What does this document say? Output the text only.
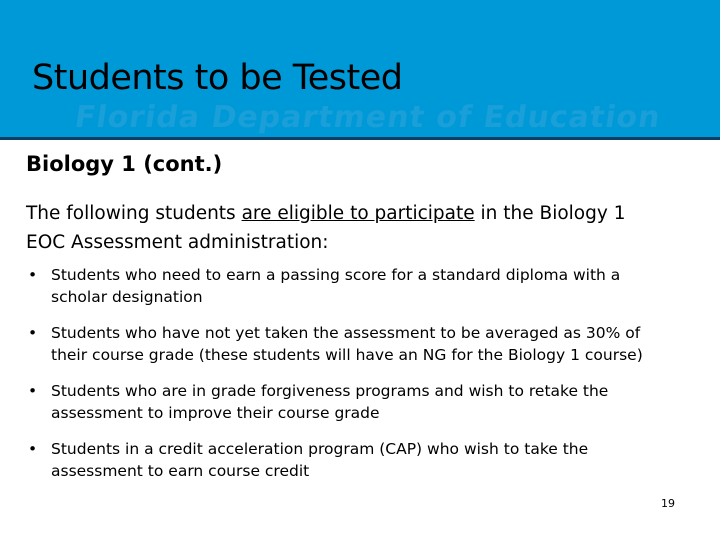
Florida Department of Education
Students to be Tested
Biology 1 (cont.)
The following students are eligible to participate in the Biology 1 EOC Assessment administration:
• Students who need to earn a passing score for a standard diploma with a scholar designation
• Students who have not yet taken the assessment to be averaged as 30% of their course grade (these students will have an NG for the Biology 1 course)
• Students who are in grade forgiveness programs and wish to retake the assessment to improve their course grade
• Students in a credit acceleration program (CAP) who wish to take the assessment to earn course credit
19
